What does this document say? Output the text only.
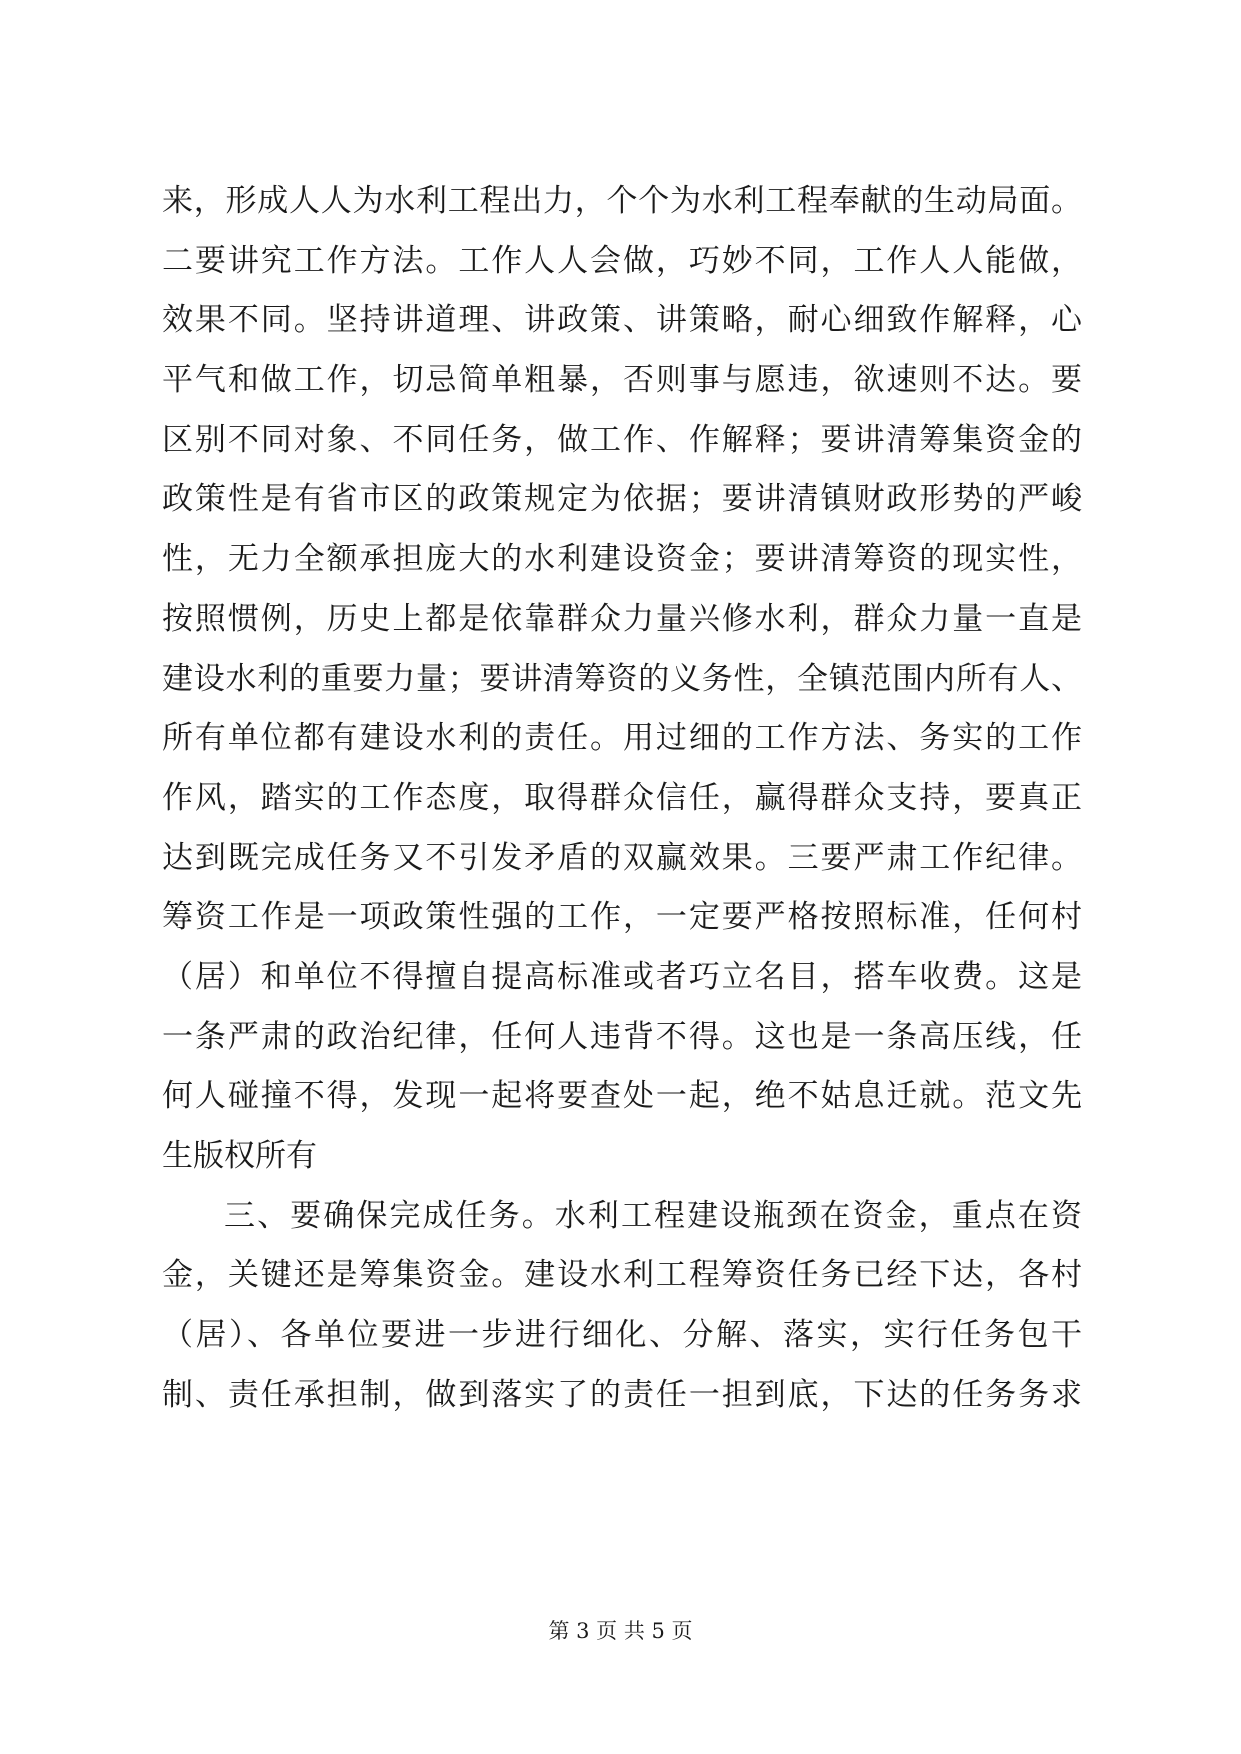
来，形成人人为水利工程出力，个个为水利工程奉献的生动局面。
二要讲究工作方法。工作人人会做，巧妙不同，工作人人能做，
效果不同。坚持讲道理、讲政策、讲策略，耐心细致作解释，心
平气和做工作，切忌简单粗暴，否则事与愿违，欲速则不达。要
区别不同对象、不同任务，做工作、作解释；要讲清筹集资金的
政策性是有省市区的政策规定为依据；要讲清镇财政形势的严峻
性，无力全额承担庞大的水利建设资金；要讲清筹资的现实性，
按照惯例，历史上都是依靠群众力量兴修水利，群众力量一直是
建设水利的重要力量；要讲清筹资的义务性，全镇范围内所有人、
所有单位都有建设水利的责任。用过细的工作方法、务实的工作
作风，踏实的工作态度，取得群众信任，赢得群众支持，要真正
达到既完成任务又不引发矛盾的双赢效果。三要严肃工作纪律。
筹资工作是一项政策性强的工作，一定要严格按照标准，任何村
（居）和单位不得擅自提高标准或者巧立名目，搭车收费。这是
一条严肃的政治纪律，任何人违背不得。这也是一条高压线，任
何人碰撞不得，发现一起将要查处一起，绝不姑息迁就。范文先
生版权所有
三、要确保完成任务。水利工程建设瓶颈在资金，重点在资
金，关键还是筹集资金。建设水利工程筹资任务已经下达，各村
（居）、各单位要进一步进行细化、分解、落实，实行任务包干
制、责任承担制，做到落实了的责任一担到底，下达的任务务求
第 3 页 共 5 页
